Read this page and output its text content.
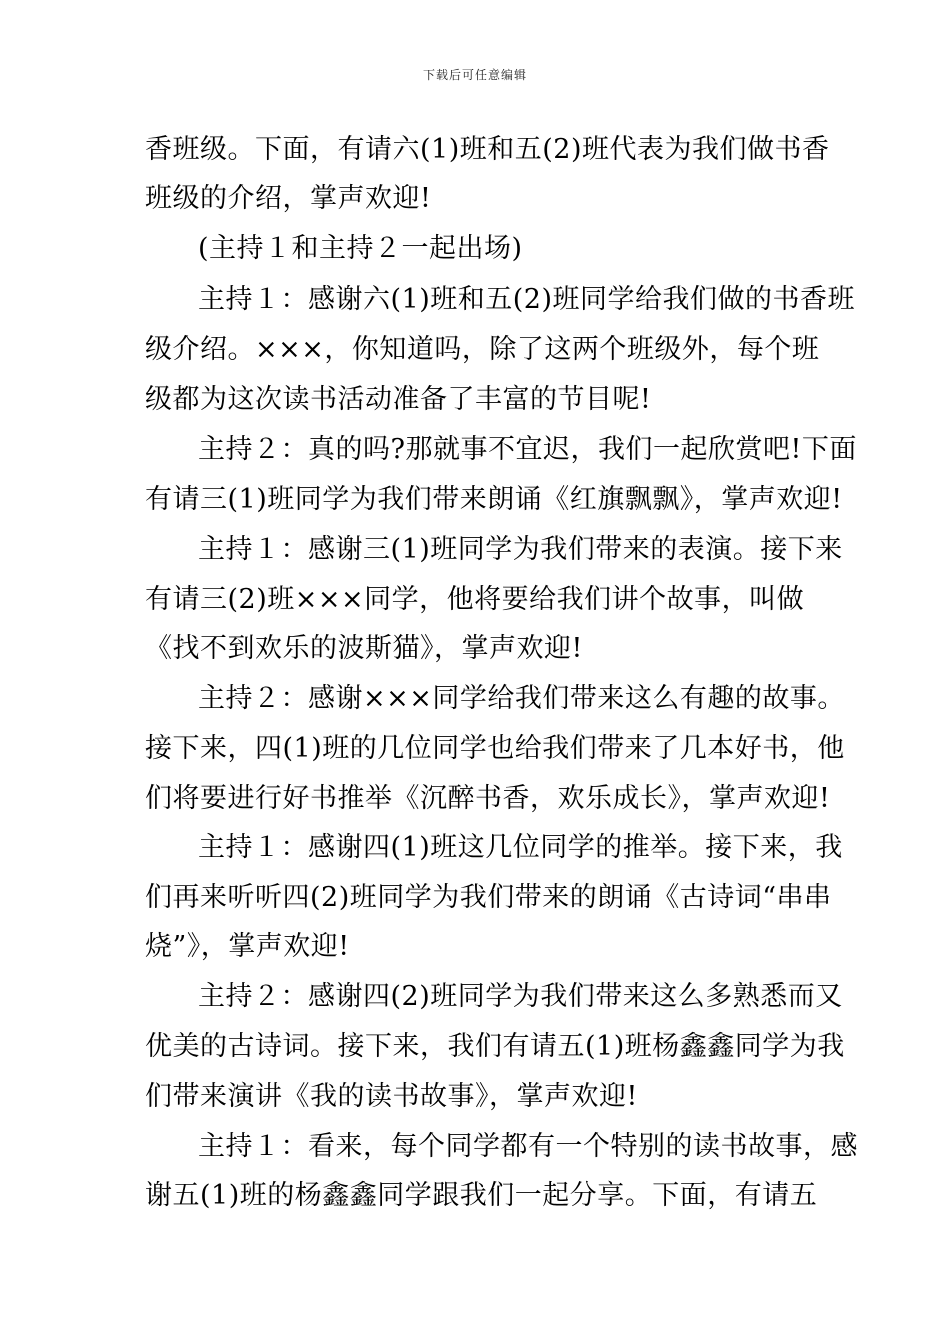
下载后可任意编辑
香班级。下面，有请六(1)班和五(2)班代表为我们做书香
班级的介绍，掌声欢迎!
(主持１和主持２一起出场)
主持１：感谢六(1)班和五(2)班同学给我们做的书香班
级介绍。×××，你知道吗，除了这两个班级外，每个班
级都为这次读书活动准备了丰富的节目呢!
主持２：真的吗?那就事不宜迟，我们一起欣赏吧!下面
有请三(1)班同学为我们带来朗诵《红旗飘飘》，掌声欢迎!
主持１：感谢三(1)班同学为我们带来的表演。接下来
有请三(2)班×××同学，他将要给我们讲个故事，叫做
《找不到欢乐的波斯猫》，掌声欢迎!
主持２：感谢×××同学给我们带来这么有趣的故事。
接下来，四(1)班的几位同学也给我们带来了几本好书，他
们将要进行好书推举《沉醉书香，欢乐成长》，掌声欢迎!
主持１：感谢四(1)班这几位同学的推举。接下来，我
们再来听听四(2)班同学为我们带来的朗诵《古诗词“串串
烧”》，掌声欢迎!
主持２：感谢四(2)班同学为我们带来这么多熟悉而又
优美的古诗词。接下来，我们有请五(1)班杨鑫鑫同学为我
们带来演讲《我的读书故事》，掌声欢迎!
主持１：看来，每个同学都有一个特别的读书故事，感
谢五(1)班的杨鑫鑫同学跟我们一起分享。下面，有请五
